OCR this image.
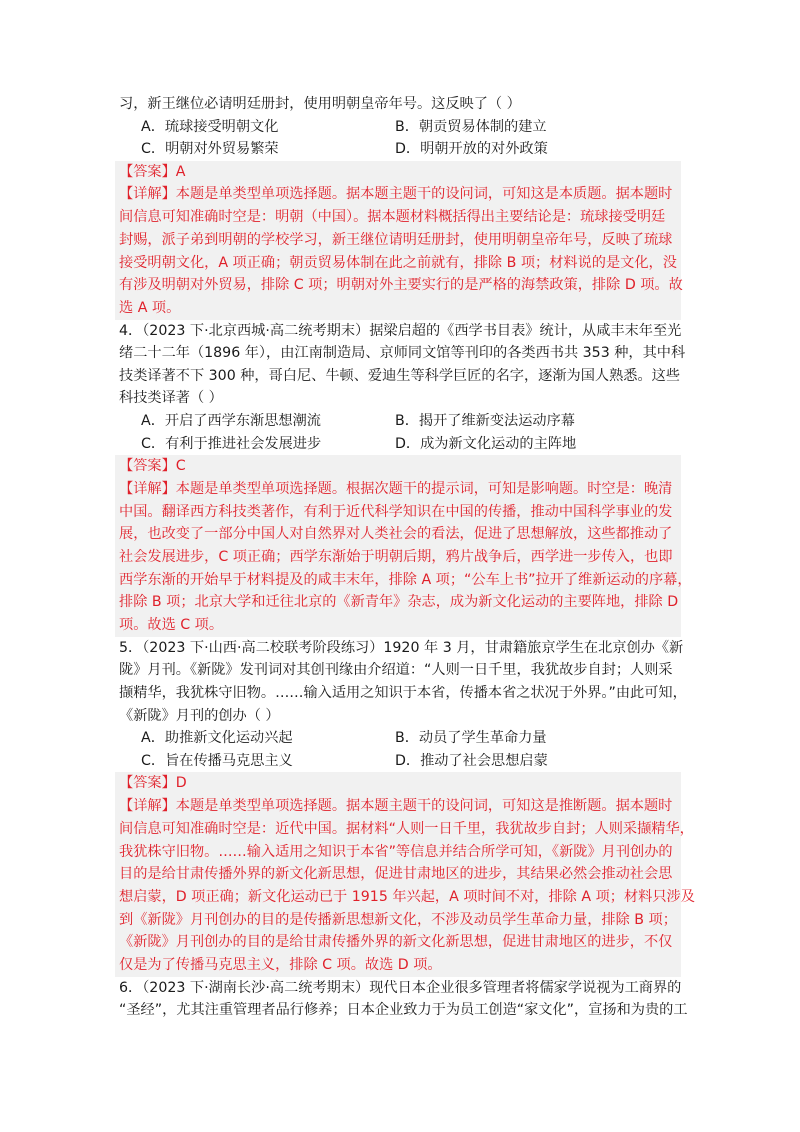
习，新王继位必请明廷册封，使用明朝皇帝年号。这反映了（ ）

A．琉球接受明朝文化	B．朝贡贸易体制的建立
C．明朝对外贸易繁荣	D．明朝开放的对外政策

【答案】A

【详解】本题是单类型单项选择题。据本题主题干的设问词，可知这是本质题。据本题时

间信息可知准确时空是：明朝（中国）。据本题材料概括得出主要结论是：琉球接受明廷

封赐，派子弟到明朝的学校学习，新王继位请明廷册封，使用明朝皇帝年号，反映了琉球

接受明朝文化，A 项正确；朝贡贸易体制在此之前就有，排除 B 项；材料说的是文化，没

有涉及明朝对外贸易，排除 C 项；明朝对外主要实行的是严格的海禁政策，排除 D 项。故

选 A 项。

4．（2023 下·北京西城·高二统考期末）据梁启超的《西学书目表》统计，从咸丰末年至光

绪二十二年（1896 年），由江南制造局、京师同文馆等刊印的各类西书共 353 种，其中科

技类译著不下 300 种，哥白尼、牛顿、爱迪生等科学巨匠的名字，逐渐为国人熟悉。这些

科技类译著（ ）

A．开启了西学东渐思想潮流	B．揭开了维新变法运动序幕
C．有利于推进社会发展进步	D．成为新文化运动的主阵地

【答案】C

【详解】本题是单类型单项选择题。根据次题干的提示词，可知是影响题。时空是：晚清

中国。翻译西方科技类著作，有利于近代科学知识在中国的传播，推动中国科学事业的发

展，也改变了一部分中国人对自然界对人类社会的看法，促进了思想解放，这些都推动了

社会发展进步，C 项正确；西学东渐始于明朝后期，鸦片战争后，西学进一步传入，也即

西学东渐的开始早于材料提及的咸丰末年，排除 A 项；“公车上书”拉开了维新运动的序幕，

排除 B 项；北京大学和迁往北京的《新青年》杂志，成为新文化运动的主要阵地，排除 D

项。故选 C 项。

5．（2023 下·山西·高二校联考阶段练习）1920 年 3 月，甘肃籍旅京学生在北京创办《新

陇》月刊。《新陇》发刊词对其创刊缘由介绍道：“人则一日千里，我犹故步自封；人则采

撷精华，我犹株守旧物。……输入适用之知识于本省，传播本省之状况于外界。”由此可知，

《新陇》月刊的创办（ ）

A．助推新文化运动兴起	B．动员了学生革命力量
C．旨在传播马克思主义	D．推动了社会思想启蒙

【答案】D

【详解】本题是单类型单项选择题。据本题主题干的设问词，可知这是推断题。据本题时

间信息可知准确时空是：近代中国。据材料“人则一日千里，我犹故步自封；人则采撷精华，

我犹株守旧物。……输入适用之知识于本省”等信息并结合所学可知，《新陇》月刊创办的

目的是给甘肃传播外界的新文化新思想，促进甘肃地区的进步，其结果必然会推动社会思

想启蒙，D 项正确；新文化运动已于 1915 年兴起，A 项时间不对，排除 A 项；材料只涉及

到《新陇》月刊创办的目的是传播新思想新文化，不涉及动员学生革命力量，排除 B 项；

《新陇》月刊创办的目的是给甘肃传播外界的新文化新思想，促进甘肃地区的进步，不仅

仅是为了传播马克思主义，排除 C 项。故选 D 项。

6．（2023 下·湖南长沙·高二统考期末）现代日本企业很多管理者将儒家学说视为工商界的

“圣经”，尤其注重管理者品行修养；日本企业致力于为员工创造“家文化”，宣扬和为贵的工
